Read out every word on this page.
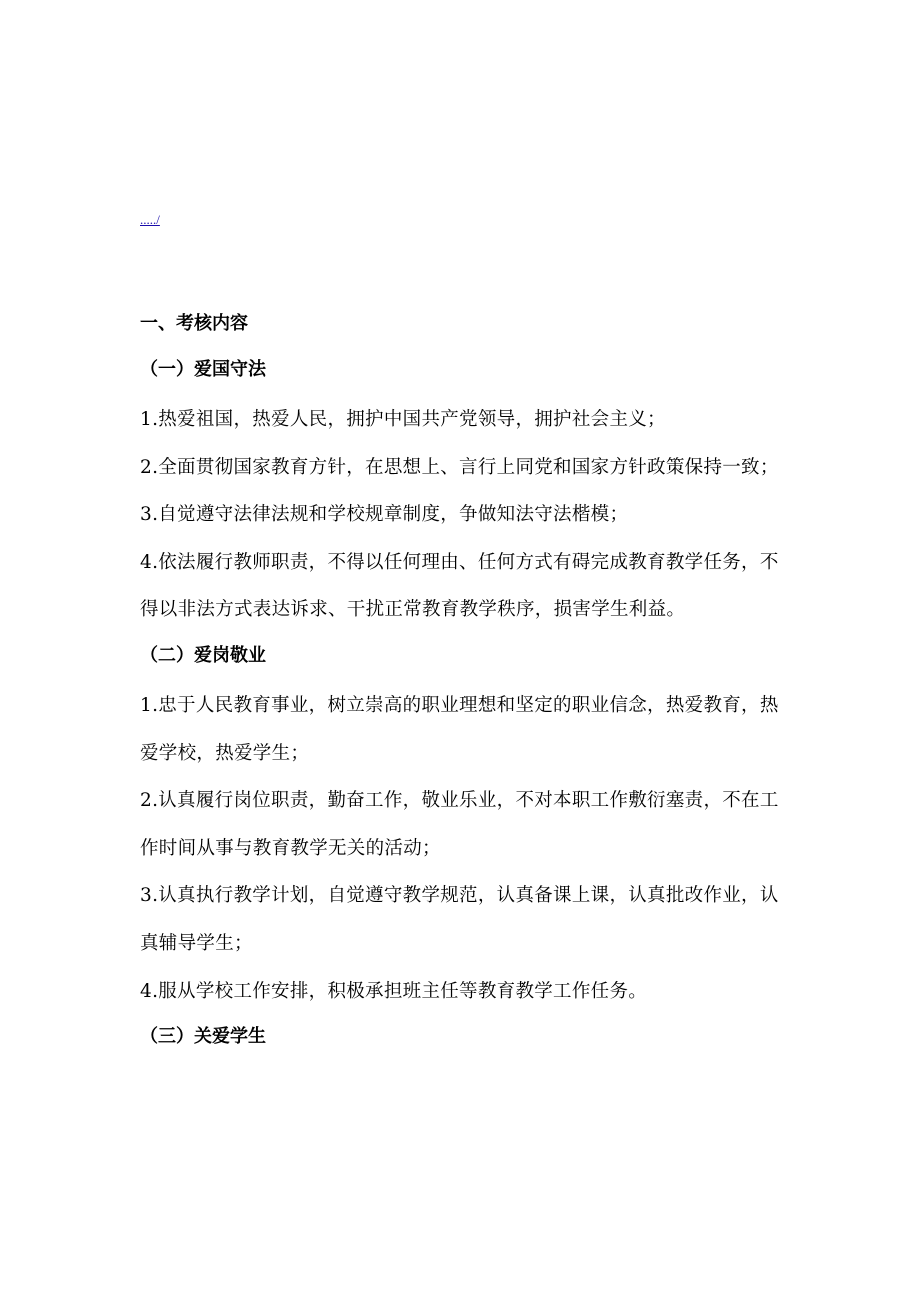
...../

一、考核内容

（一）爱国守法

1.热爱祖国，热爱人民，拥护中国共产党领导，拥护社会主义；

2.全面贯彻国家教育方针，在思想上、言行上同党和国家方针政策保持一致；

3.自觉遵守法律法规和学校规章制度，争做知法守法楷模；

4.依法履行教师职责，不得以任何理由、任何方式有碍完成教育教学任务，不得以非法方式表达诉求、干扰正常教育教学秩序，损害学生利益。

（二）爱岗敬业

1.忠于人民教育事业，树立崇高的职业理想和坚定的职业信念，热爱教育，热爱学校，热爱学生；

2.认真履行岗位职责，勤奋工作，敬业乐业，不对本职工作敷衍塞责，不在工作时间从事与教育教学无关的活动；

3.认真执行教学计划，自觉遵守教学规范，认真备课上课，认真批改作业，认真辅导学生；

4.服从学校工作安排，积极承担班主任等教育教学工作任务。

（三）关爱学生
